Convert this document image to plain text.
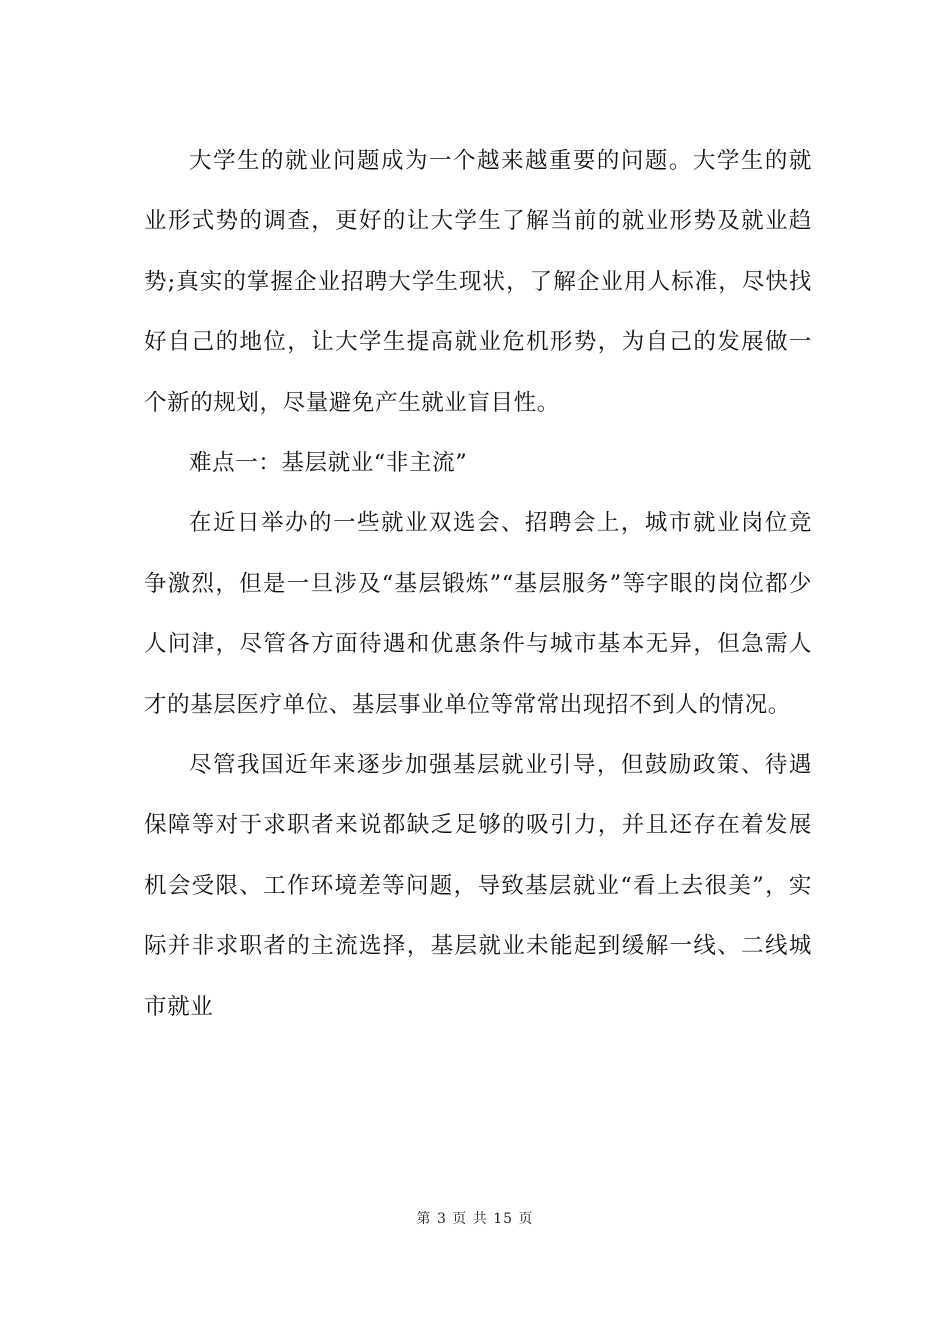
大学生的就业问题成为一个越来越重要的问题。大学生的就业形式势的调查，更好的让大学生了解当前的就业形势及就业趋势;真实的掌握企业招聘大学生现状，了解企业用人标准，尽快找好自己的地位，让大学生提高就业危机形势，为自己的发展做一个新的规划，尽量避免产生就业盲目性。

难点一：基层就业“非主流”

在近日举办的一些就业双选会、招聘会上，城市就业岗位竞争激烈，但是一旦涉及“基层锻炼”“基层服务”等字眼的岗位都少人问津，尽管各方面待遇和优惠条件与城市基本无异，但急需人才的基层医疗单位、基层事业单位等常常出现招不到人的情况。

尽管我国近年来逐步加强基层就业引导，但鼓励政策、待遇保障等对于求职者来说都缺乏足够的吸引力，并且还存在着发展机会受限、工作环境差等问题，导致基层就业“看上去很美”，实际并非求职者的主流选择，基层就业未能起到缓解一线、二线城市就业

第 3 页 共 15 页
